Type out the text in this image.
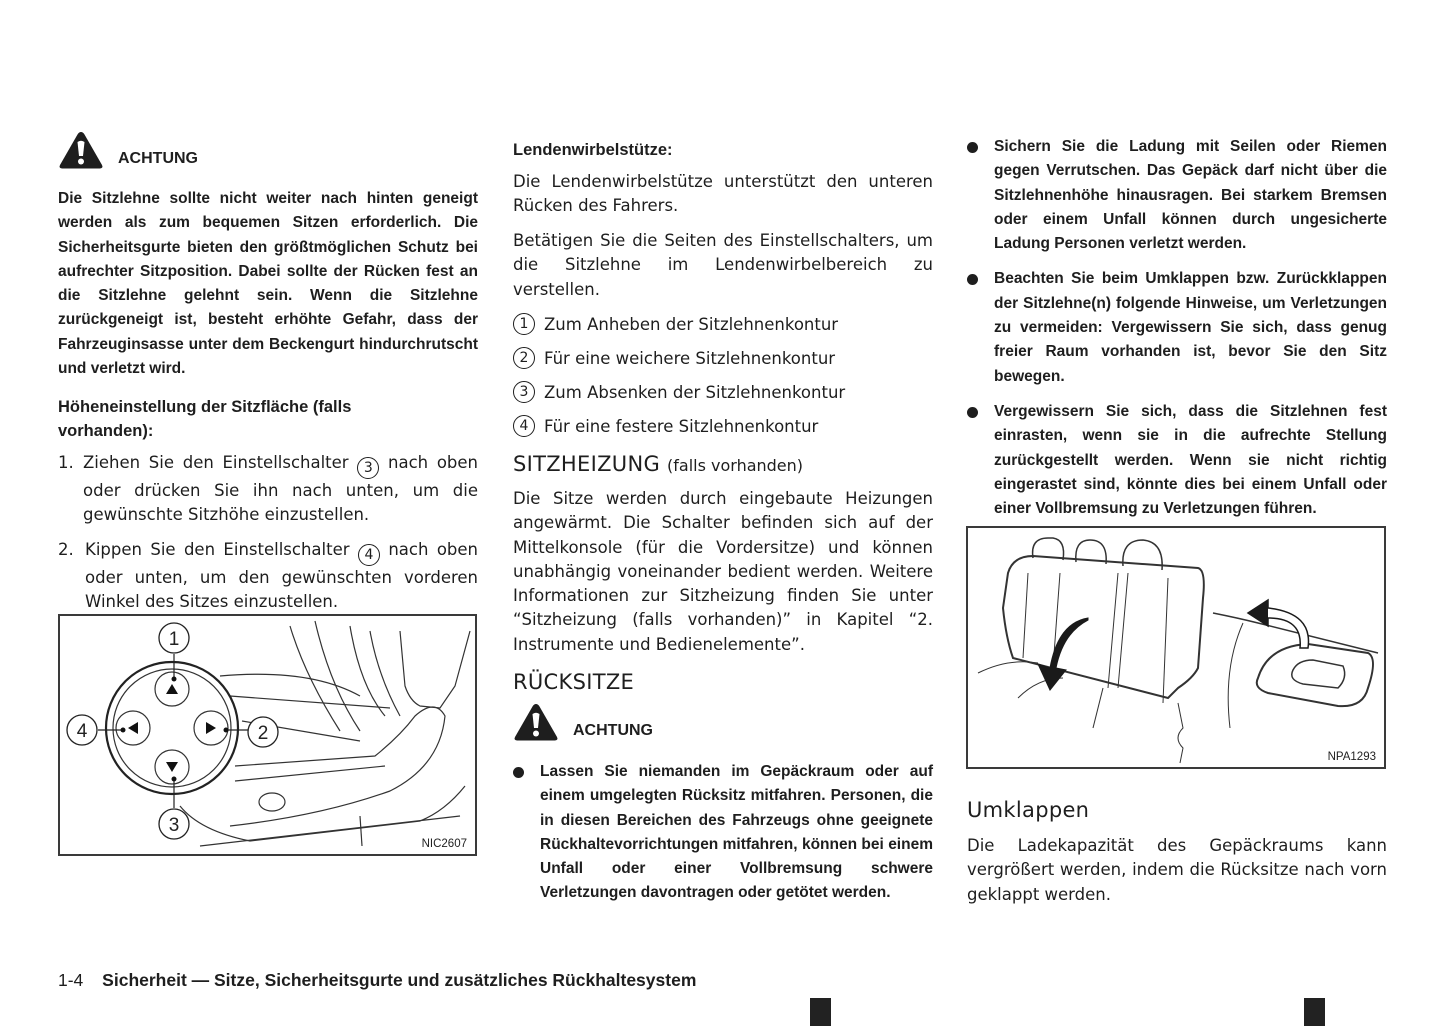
ACHTUNG
Die Sitzlehne sollte nicht weiter nach hinten geneigt werden als zum bequemen Sitzen erforderlich. Die Sicherheitsgurte bieten den größtmöglichen Schutz bei aufrechter Sitzposition. Dabei sollte der Rücken fest an die Sitzlehne gelehnt sein. Wenn die Sitzlehne zurückgeneigt ist, besteht erhöhte Gefahr, dass der Fahrzeuginsasse unter dem Beckengurt hindurchrutscht und verletzt wird.
Höheneinstellung der Sitzfläche (falls vorhanden):
1. Ziehen Sie den Einstellschalter 3 nach oben oder drücken Sie ihn nach unten, um die gewünschte Sitzhöhe einzustellen.
2. Kippen Sie den Einstellschalter 4 nach oben oder unten, um den gewünschten vorderen Winkel des Sitzes einzustellen.
1
2
3
4
NIC2607
Lendenwirbelstütze:
Die Lendenwirbelstütze unterstützt den unteren Rücken des Fahrers.
Betätigen Sie die Seiten des Einstellschalters, um die Sitzlehne im Lendenwirbelbereich zu verstellen.
1 Zum Anheben der Sitzlehnenkontur
2 Für eine weichere Sitzlehnenkontur
3 Zum Absenken der Sitzlehnenkontur
4 Für eine festere Sitzlehnenkontur
SITZHEIZUNG (falls vorhanden)
Die Sitze werden durch eingebaute Heizungen angewärmt. Die Schalter befinden sich auf der Mittelkonsole (für die Vordersitze) und können unabhängig voneinander bedient werden. Weitere Informationen zur Sitzheizung finden Sie unter “Sitzheizung (falls vorhanden)” in Kapitel “2. Instrumente und Bedienelemente”.
RÜCKSITZE
ACHTUNG
Lassen Sie niemanden im Gepäckraum oder auf einem umgelegten Rücksitz mitfahren. Personen, die in diesen Bereichen des Fahrzeugs ohne geeignete Rückhaltevorrichtungen mitfahren, können bei einem Unfall oder einer Vollbremsung schwere Verletzungen davontragen oder getötet werden.
Sichern Sie die Ladung mit Seilen oder Riemen gegen Verrutschen. Das Gepäck darf nicht über die Sitzlehnenhöhe hinausragen. Bei starkem Bremsen oder einem Unfall können durch ungesicherte Ladung Personen verletzt werden.
Beachten Sie beim Umklappen bzw. Zurückklappen der Sitzlehne(n) folgende Hinweise, um Verletzungen zu vermeiden: Vergewissern Sie sich, dass genug freier Raum vorhanden ist, bevor Sie den Sitz bewegen.
Vergewissern Sie sich, dass die Sitzlehnen fest einrasten, wenn sie in die aufrechte Stellung zurückgestellt werden. Wenn sie nicht richtig eingerastet sind, könnte dies bei einem Unfall oder einer Vollbremsung zu Verletzungen führen.
NPA1293
Umklappen
Die Ladekapazität des Gepäckraums kann vergrößert werden, indem die Rücksitze nach vorn geklappt werden.
1-4 Sicherheit — Sitze, Sicherheitsgurte und zusätzliches Rückhaltesystem
